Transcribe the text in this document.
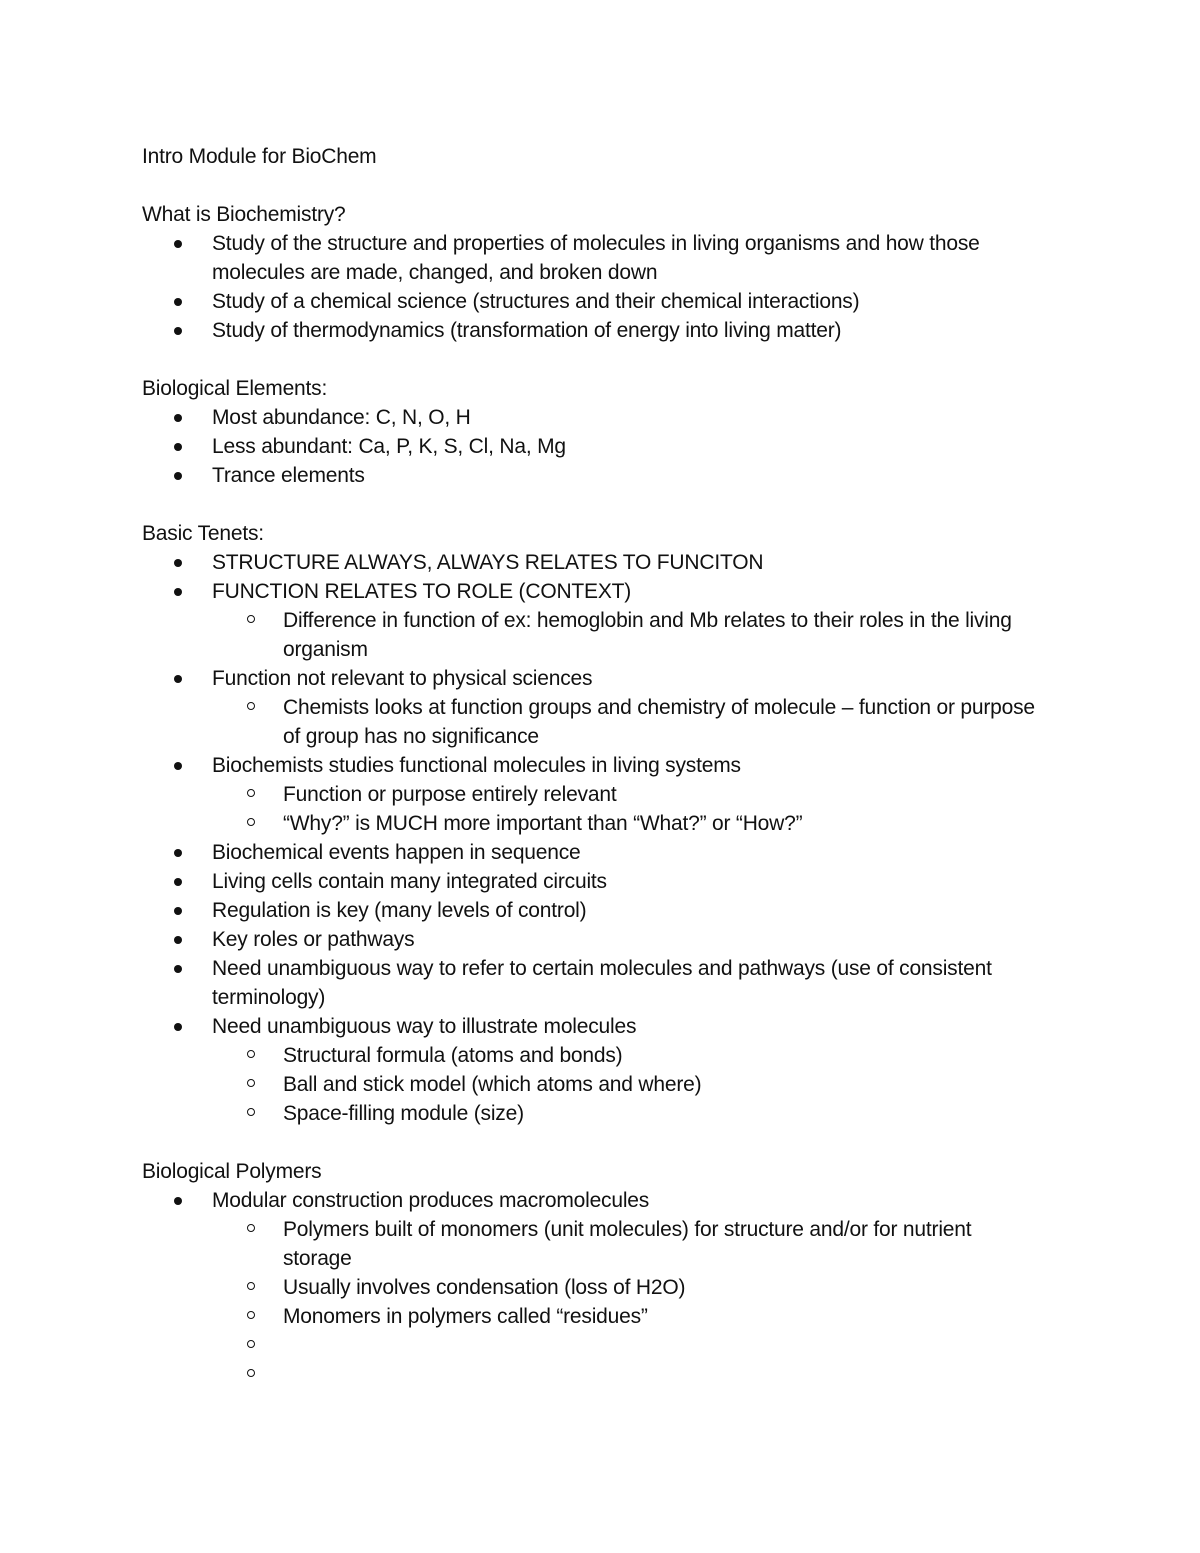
Intro Module for BioChem

What is Biochemistry?

Study of the structure and properties of molecules in living organisms and how those molecules are made, changed, and broken down
Study of a chemical science (structures and their chemical interactions)
Study of thermodynamics (transformation of energy into living matter)

Biological Elements:

Most abundance: C, N, O, H
Less abundant: Ca, P, K, S, Cl, Na, Mg
Trance elements

Basic Tenets:

STRUCTURE ALWAYS, ALWAYS RELATES TO FUNCITON
FUNCTION RELATES TO ROLE (CONTEXT)
Difference in function of ex: hemoglobin and Mb relates to their roles in the living organism
Function not relevant to physical sciences
Chemists looks at function groups and chemistry of molecule – function or purpose of group has no significance
Biochemists studies functional molecules in living systems
Function or purpose entirely relevant
“Why?” is MUCH more important than “What?” or “How?”
Biochemical events happen in sequence
Living cells contain many integrated circuits
Regulation is key (many levels of control)
Key roles or pathways
Need unambiguous way to refer to certain molecules and pathways (use of consistent terminology)
Need unambiguous way to illustrate molecules
Structural formula (atoms and bonds)
Ball and stick model (which atoms and where)
Space-filling module (size)

Biological Polymers

Modular construction produces macromolecules
Polymers built of monomers (unit molecules) for structure and/or for nutrient storage
Usually involves condensation (loss of H2O)
Monomers in polymers called “residues”
